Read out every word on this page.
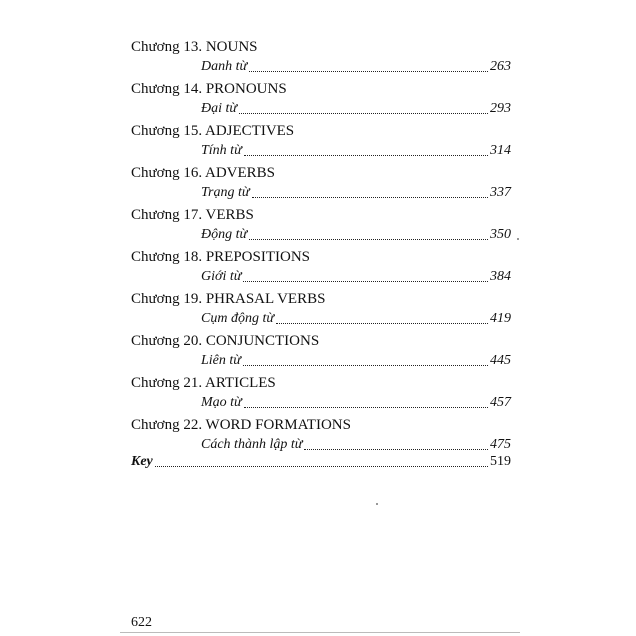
Chương 13. NOUNS
Danh từ	263
Chương 14. PRONOUNS
Đại từ	293
Chương 15. ADJECTIVES
Tính từ	314
Chương 16. ADVERBS
Trạng từ	337
Chương 17. VERBS
Động từ	350
Chương 18. PREPOSITIONS
Giới từ	384
Chương 19. PHRASAL VERBS
Cụm động từ	419
Chương 20. CONJUNCTIONS
Liên từ	445
Chương 21. ARTICLES
Mạo từ	457
Chương 22. WORD FORMATIONS
Cách thành lập từ	475
Key	519
622
